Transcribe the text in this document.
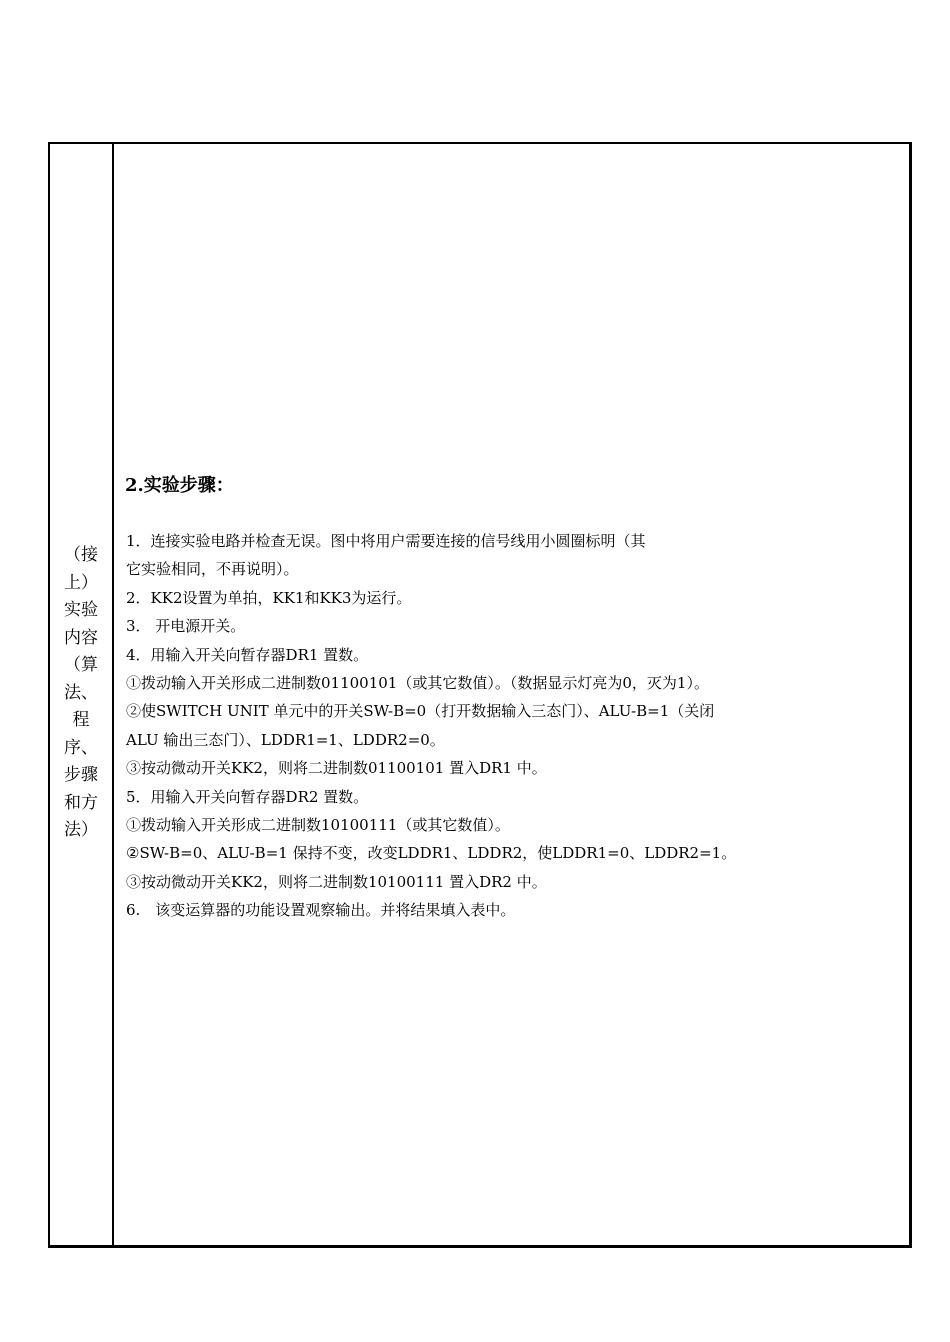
（接
上）
实验
内容
（算
法、
程
序、
步骤
和方
法）
2.实验步骤：
1．连接实验电路并检查无误。图中将用户需要连接的信号线用小圆圈标明（其
它实验相同，不再说明）。
2．KK2设置为单拍，KK1和KK3为运行。
3． 开电源开关。
4．用输入开关向暂存器DR1 置数。
①拨动输入开关形成二进制数01100101（或其它数值）。（数据显示灯亮为0，灭为1）。
②使SWITCH UNIT 单元中的开关SW-B=0（打开数据输入三态门）、ALU-B=1（关闭
ALU 输出三态门）、LDDR1=1、LDDR2=0。
③按动微动开关KK2，则将二进制数01100101 置入DR1 中。
5．用输入开关向暂存器DR2 置数。
①拨动输入开关形成二进制数10100111（或其它数值）。
②SW-B=0、ALU-B=1 保持不变，改变LDDR1、LDDR2，使LDDR1=0、LDDR2=1。
③按动微动开关KK2，则将二进制数10100111 置入DR2 中。
6.　该变运算器的功能设置观察输出。并将结果填入表中。
